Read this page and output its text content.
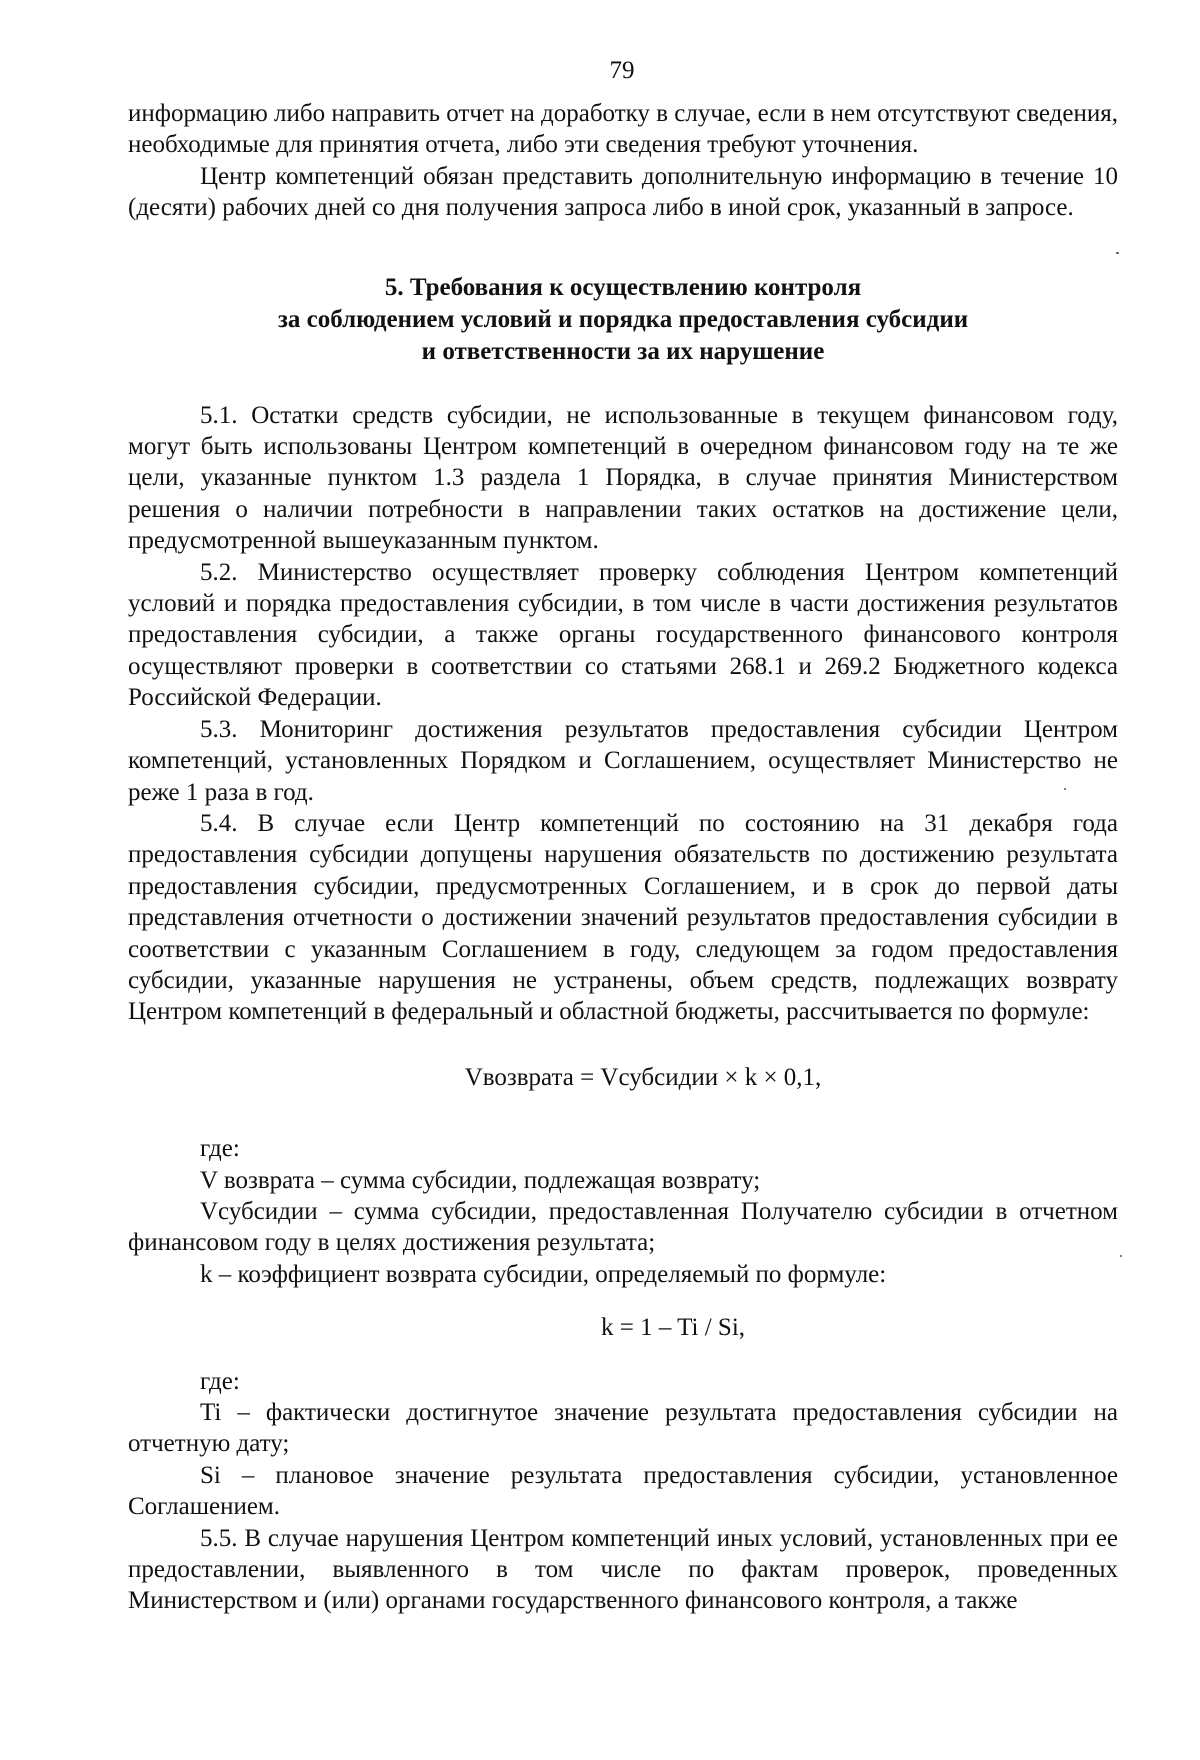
79

информацию либо направить отчет на доработку в случае, если в нем отсутствуют сведения, необходимые для принятия отчета, либо эти сведения требуют уточнения.

Центр компетенций обязан представить дополнительную информацию в течение 10 (десяти) рабочих дней со дня получения запроса либо в иной срок, указанный в запросе.

5. Требования к осуществлению контроля
за соблюдением условий и порядка предоставления субсидии
и ответственности за их нарушение

5.1. Остатки средств субсидии, не использованные в текущем финансовом году, могут быть использованы Центром компетенций в очередном финансовом году на те же цели, указанные пунктом 1.3 раздела 1 Порядка, в случае принятия Министерством решения о наличии потребности в направлении таких остатков на достижение цели, предусмотренной вышеуказанным пунктом.

5.2. Министерство осуществляет проверку соблюдения Центром компетенций условий и порядка предоставления субсидии, в том числе в части достижения результатов предоставления субсидии, а также органы государственного финансового контроля осуществляют проверки в соответствии со статьями 268.1 и 269.2 Бюджетного кодекса Российской Федерации.

5.3. Мониторинг достижения результатов предоставления субсидии Центром компетенций, установленных Порядком и Соглашением, осуществляет Министерство не реже 1 раза в год.

5.4. В случае если Центр компетенций по состоянию на 31 декабря года предоставления субсидии допущены нарушения обязательств по достижению результата предоставления субсидии, предусмотренных Соглашением, и в срок до первой даты представления отчетности о достижении значений результатов предоставления субсидии в соответствии с указанным Соглашением в году, следующем за годом предоставления субсидии, указанные нарушения не устранены, объем средств, подлежащих возврату Центром компетенций в федеральный и областной бюджеты, рассчитывается по формуле:

Vвозврата = Vсубсидии × k × 0,1,

где:

V возврата – сумма субсидии, подлежащая возврату;

Vсубсидии – сумма субсидии, предоставленная Получателю субсидии в отчетном финансовом году в целях достижения результата;

k – коэффициент возврата субсидии, определяемый по формуле:

k = 1 – Ti / Si,

где:

Ti – фактически достигнутое значение результата предоставления субсидии на отчетную дату;

Si – плановое значение результата предоставления субсидии, установленное Соглашением.

5.5. В случае нарушения Центром компетенций иных условий, установленных при ее предоставлении, выявленного в том числе по фактам проверок, проведенных Министерством и (или) органами государственного финансового контроля, а также
